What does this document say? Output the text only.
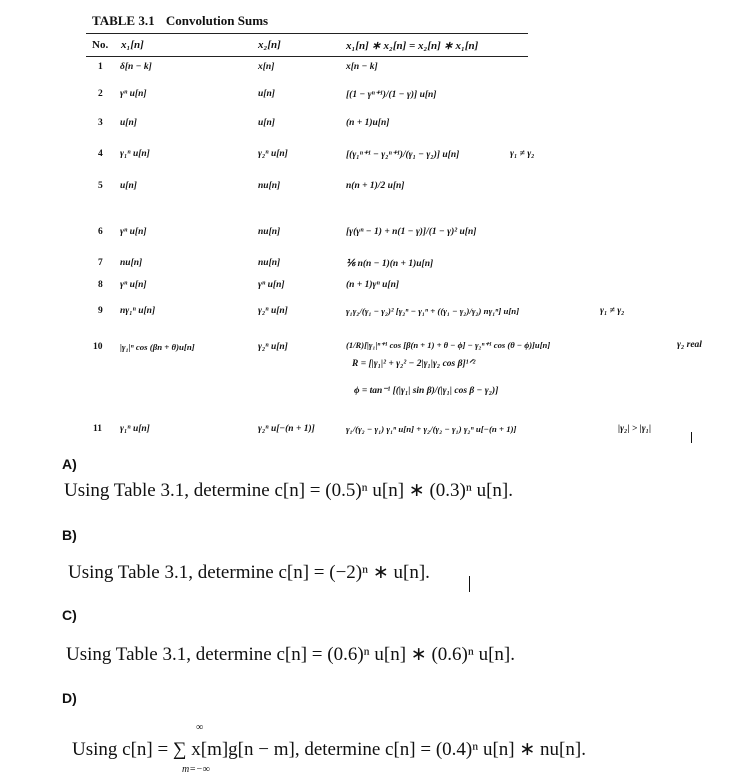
TABLE 3.1 Convolution Sums
No. x₁[n]	x₂[n]	x₁[n] ∗ x₂[n] = x₂[n] ∗ x₁[n]
1 δ[n − k]	x[n]	x[n − k]
2 γⁿ u[n]	u[n]	[(1 − γⁿ⁺¹)/(1 − γ)] u[n]
3 u[n]	u[n]	(n + 1)u[n]
4 γ₁ⁿ u[n]	γ₂ⁿ u[n]	[(γ₁ⁿ⁺¹ − γ₂ⁿ⁺¹)/(γ₁ − γ₂)] u[n]	γ₁ ≠ γ₂
5 u[n]	nu[n]	n(n + 1)/2 u[n]
6 γⁿ u[n]	nu[n]	[γ(γⁿ − 1) + n(1 − γ)]/(1 − γ)² u[n]
7 nu[n]	nu[n]	⅙ n(n − 1)(n + 1)u[n]
8 γⁿ u[n]	γⁿ u[n]	(n + 1)γⁿ u[n]
9 nγ₁ⁿ u[n]	γ₂ⁿ u[n]	γ₁γ₂/(γ₁ − γ₂)² [γ₂ⁿ − γ₁ⁿ + ((γ₁ − γ₂)/γ₂) nγ₁ⁿ] u[n]	γ₁ ≠ γ₂
10 |γ₁|ⁿ cos (βn + θ)u[n]	γ₂ⁿ u[n]	(1/R)[|γ₁|ⁿ⁺¹ cos [β(n + 1) + θ − ϕ] − γ₂ⁿ⁺¹ cos (θ − ϕ)]u[n]	γ₂ real
R = [|γ₁|² + γ₂² − 2|γ₁|γ₂ cos β]¹ᐟ²
ϕ = tan⁻¹ [(|γ₁| sin β)/(|γ₁| cos β − γ₂)]
11 γ₁ⁿ u[n]	γ₂ⁿ u[−(n + 1)]	γ₁/(γ₂ − γ₁) γ₁ⁿ u[n] + γ₂/(γ₂ − γ₁) γ₂ⁿ u[−(n + 1)]	|γ₂| > |γ₁|
A)
Using Table 3.1, determine c[n] = (0.5)ⁿ u[n] ∗ (0.3)ⁿ u[n].
B)
Using Table 3.1, determine c[n] = (−2)ⁿ ∗ u[n].
C)
Using Table 3.1, determine c[n] = (0.6)ⁿ u[n] ∗ (0.6)ⁿ u[n].
D)
∞
Using c[n] = ∑ x[m]g[n − m], determine c[n] = (0.4)ⁿ u[n] ∗ nu[n].
m=−∞
